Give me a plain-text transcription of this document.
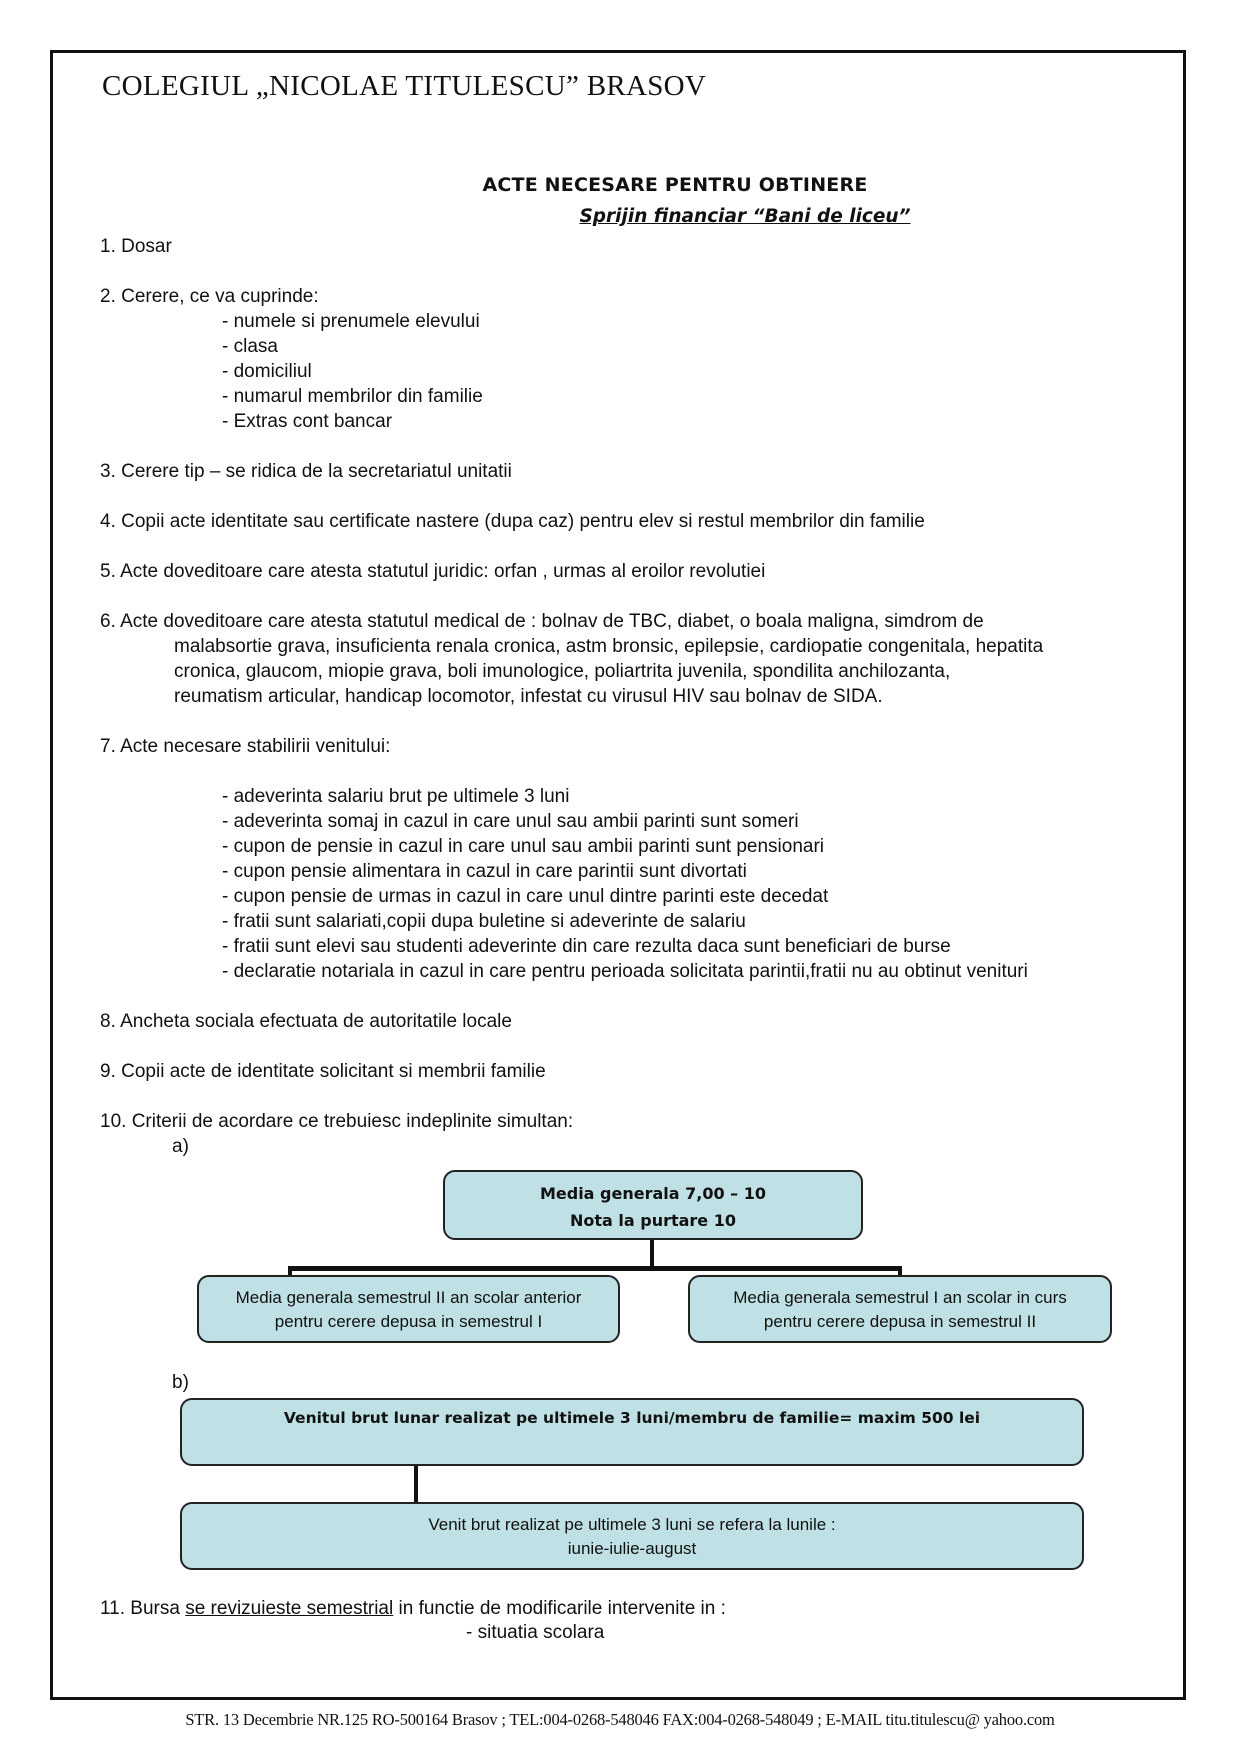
COLEGIUL „NICOLAE TITULESCU” BRASOV
ACTE NECESARE PENTRU OBTINERE
Sprijin financiar “Bani de liceu”
1. Dosar
2. Cerere, ce va cuprinde:
- numele si prenumele elevului
- clasa
- domiciliul
- numarul membrilor din familie
- Extras cont bancar
3. Cerere tip – se ridica de la secretariatul unitatii
4. Copii acte identitate sau certificate nastere (dupa caz) pentru elev si restul membrilor din familie
5. Acte doveditoare care atesta statutul juridic: orfan , urmas al eroilor revolutiei
6. Acte doveditoare care atesta statutul medical de : bolnav de TBC, diabet, o boala maligna, simdrom de
malabsortie grava, insuficienta renala cronica, astm bronsic, epilepsie, cardiopatie congenitala, hepatita
cronica, glaucom, miopie grava, boli imunologice, poliartrita juvenila, spondilita anchilozanta,
reumatism articular, handicap locomotor, infestat cu virusul HIV sau bolnav de SIDA.
7. Acte necesare stabilirii venitului:
- adeverinta salariu brut pe ultimele 3 luni
- adeverinta somaj in cazul in care unul sau ambii parinti sunt someri
- cupon de pensie in cazul in care unul sau ambii parinti sunt pensionari
- cupon pensie alimentara in cazul in care parintii sunt divortati
- cupon pensie de urmas in cazul in care unul dintre parinti este decedat
- fratii sunt salariati,copii dupa buletine si adeverinte de salariu
- fratii sunt elevi sau studenti adeverinte din care rezulta daca sunt beneficiari de burse
- declaratie notariala in cazul in care pentru perioada solicitata parintii,fratii nu au obtinut venituri
8. Ancheta sociala efectuata de autoritatile locale
9. Copii acte de identitate solicitant si membrii familie
10. Criterii de acordare ce trebuiesc indeplinite simultan:
a)
Media generala 7,00 – 10
Nota la purtare 10
Media generala semestrul II an scolar anterior
pentru cerere depusa in semestrul I
Media generala semestrul I an scolar in curs
pentru cerere depusa in semestrul II
b)
Venitul brut lunar realizat pe ultimele 3 luni/membru de familie= maxim 500 lei
Venit brut realizat pe ultimele 3 luni se refera la lunile :
iunie-iulie-august
11. Bursa se revizuieste semestrial in functie de modificarile intervenite in :
- situatia scolara
STR. 13 Decembrie NR.125 RO-500164 Brasov ; TEL:004-0268-548046 FAX:004-0268-548049 ; E-MAIL titu.titulescu@ yahoo.com
